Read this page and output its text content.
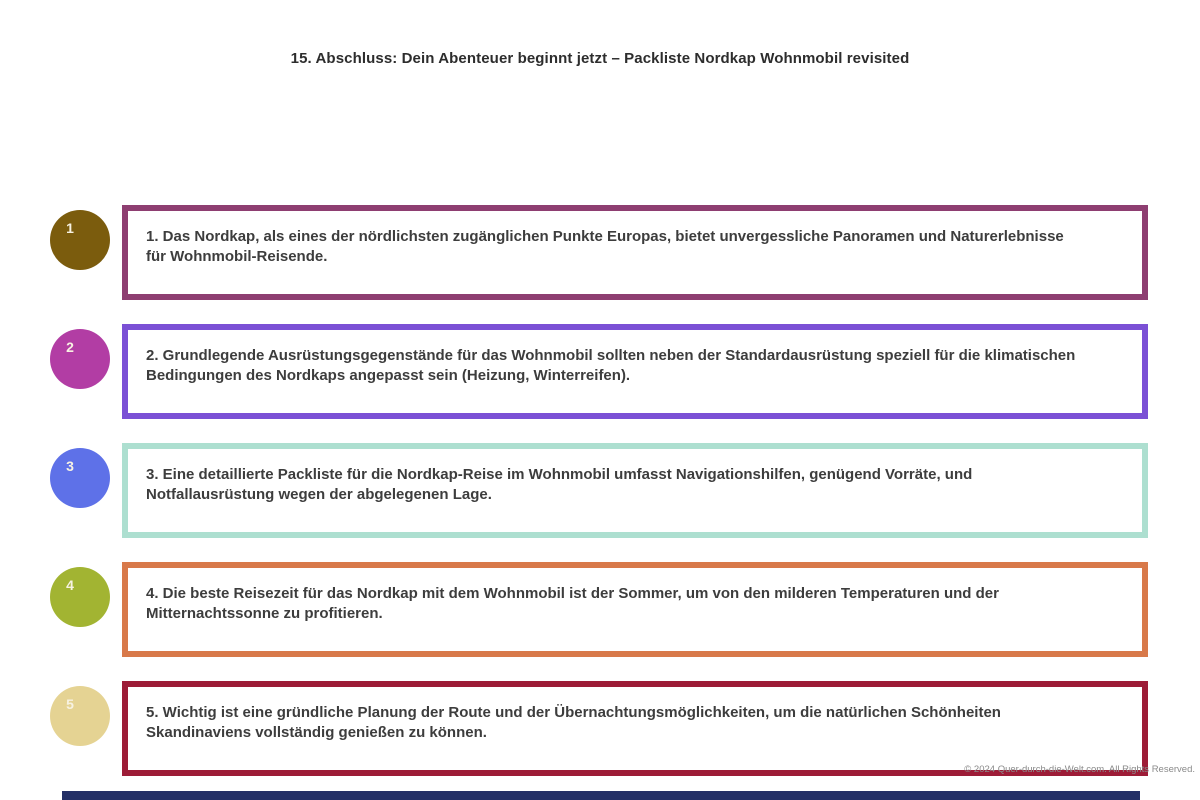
15. Abschluss: Dein Abenteuer beginnt jetzt – Packliste Nordkap Wohnmobil revisited
1	1. Das Nordkap, als eines der nördlichsten zugänglichen Punkte Europas, bietet unvergessliche Panoramen und Naturerlebnisse für Wohnmobil-Reisende.

2	2. Grundlegende Ausrüstungsgegenstände für das Wohnmobil sollten neben der Standardausrüstung speziell für die klimatischen Bedingungen des Nordkaps angepasst sein (Heizung, Winterreifen).

3	3. Eine detaillierte Packliste für die Nordkap-Reise im Wohnmobil umfasst Navigationshilfen, genügend Vorräte, und Notfallausrüstung wegen der abgelegenen Lage.

4	4. Die beste Reisezeit für das Nordkap mit dem Wohnmobil ist der Sommer, um von den milderen Temperaturen und der Mitternachtssonne zu profitieren.

5	5. Wichtig ist eine gründliche Planung der Route und der Übernachtungsmöglichkeiten, um die natürlichen Schönheiten Skandinaviens vollständig genießen zu können.

© 2024 Quer-durch-die-Welt.com. All Rights Reserved.
